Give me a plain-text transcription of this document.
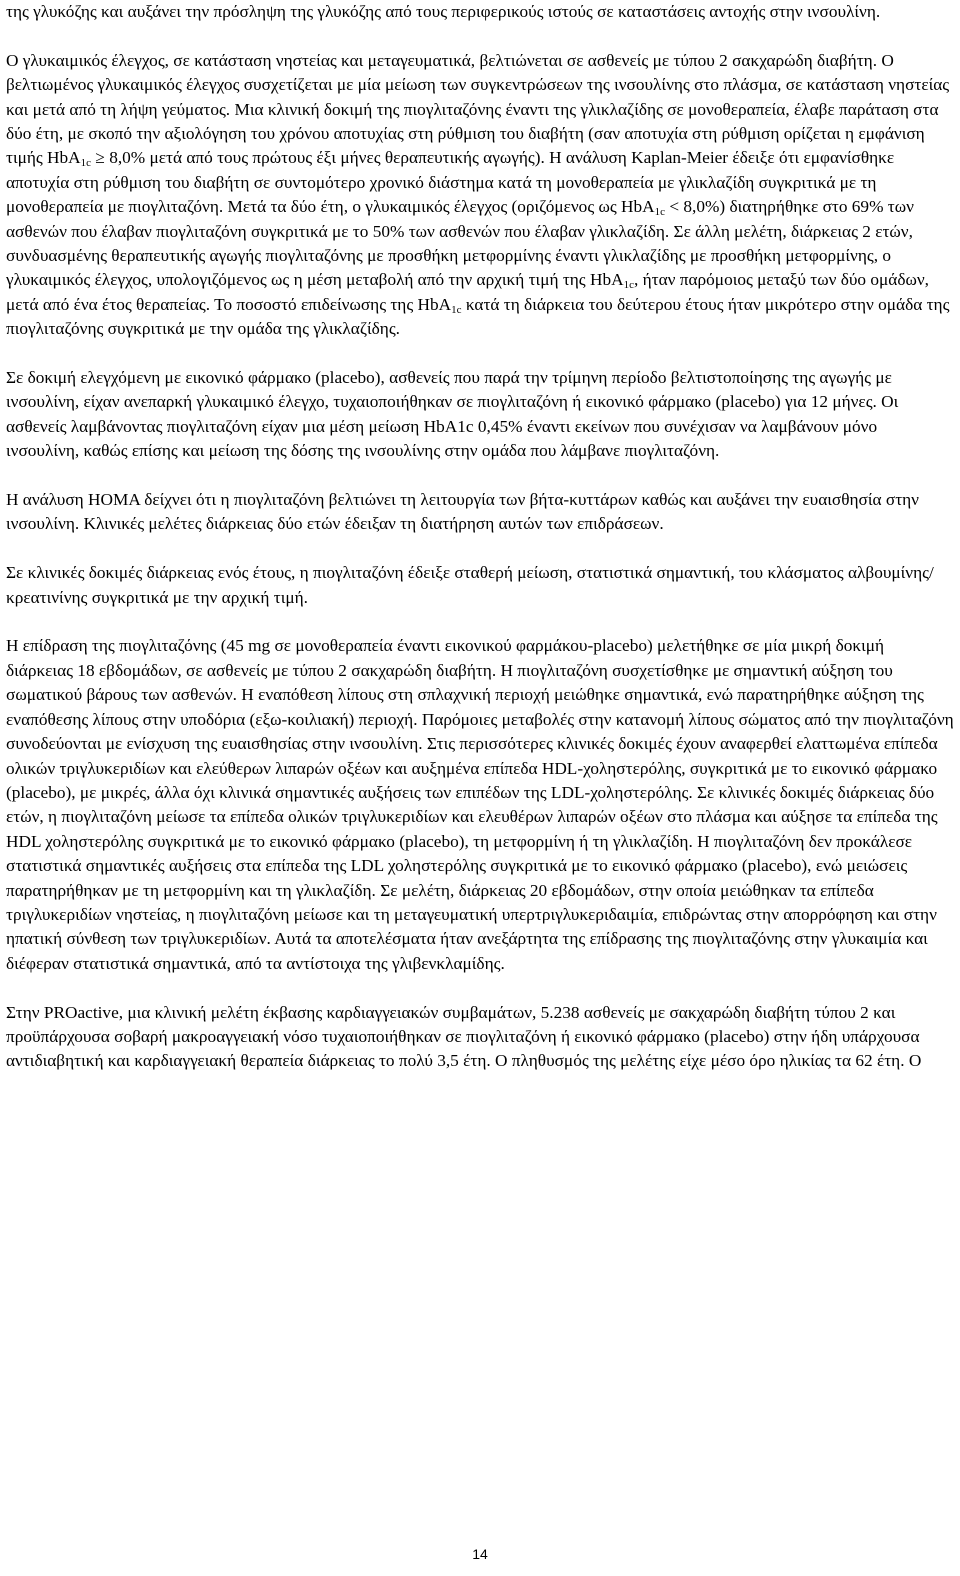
της γλυκόζης και αυξάνει την πρόσληψη της γλυκόζης από τους περιφερικούς ιστούς σε καταστάσεις αντοχής στην ινσουλίνη.

Ο γλυκαιμικός έλεγχος, σε κατάσταση νηστείας και μεταγευματικά, βελτιώνεται σε ασθενείς με τύπου 2 σακχαρώδη διαβήτη. Ο βελτιωμένος γλυκαιμικός έλεγχος συσχετίζεται με μία μείωση των συγκεντρώσεων της ινσουλίνης στο πλάσμα, σε κατάσταση νηστείας και μετά από τη λήψη γεύματος. Μια κλινική δοκιμή της πιογλιταζόνης έναντι της γλικλαζίδης σε μονοθεραπεία, έλαβε παράταση στα δύο έτη, με σκοπό την αξιολόγηση του χρόνου αποτυχίας στη ρύθμιση του διαβήτη (σαν αποτυχία στη ρύθμιση ορίζεται η εμφάνιση τιμής HbA$_{1c}$ ≥ 8,0% μετά από τους πρώτους έξι μήνες θεραπευτικής αγωγής). Η ανάλυση Kaplan-Meier έδειξε ότι εμφανίσθηκε αποτυχία στη ρύθμιση του διαβήτη σε συντομότερο χρονικό διάστημα κατά τη μονοθεραπεία με γλικλαζίδη συγκριτικά με τη μονοθεραπεία με πιογλιταζόνη. Μετά τα δύο έτη, ο γλυκαιμικός έλεγχος (οριζόμενος ως HbA$_{1c}$ < 8,0%) διατηρήθηκε στο 69% των ασθενών που έλαβαν πιογλιταζόνη συγκριτικά με το 50% των ασθενών που έλαβαν γλικλαζίδη. Σε άλλη μελέτη, διάρκειας 2 ετών, συνδυασμένης θεραπευτικής αγωγής πιογλιταζόνης με προσθήκη μετφορμίνης έναντι γλικλαζίδης με προσθήκη μετφορμίνης, ο γλυκαιμικός έλεγχος, υπολογιζόμενος ως η μέση μεταβολή από την αρχική τιμή της HbA$_{1c}$, ήταν παρόμοιος μεταξύ των δύο ομάδων, μετά από ένα έτος θεραπείας. Το ποσοστό επιδείνωσης της HbA$_{1c}$ κατά τη διάρκεια του δεύτερου έτους ήταν μικρότερο στην ομάδα της πιογλιταζόνης συγκριτικά με την ομάδα της γλικλαζίδης.

Σε δοκιμή ελεγχόμενη με εικονικό φάρμακο (placebo), ασθενείς που παρά την τρίμηνη περίοδο βελτιστοποίησης της αγωγής με ινσουλίνη, είχαν ανεπαρκή γλυκαιμικό έλεγχο, τυχαιοποιήθηκαν σε πιογλιταζόνη ή εικονικό φάρμακο (placebo) για 12 μήνες. Οι ασθενείς λαμβάνοντας πιογλιταζόνη είχαν μια μέση μείωση HbA1c 0,45% έναντι εκείνων που συνέχισαν να λαμβάνουν μόνο ινσουλίνη, καθώς επίσης και μείωση της δόσης της ινσουλίνης στην ομάδα που λάμβανε πιογλιταζόνη.

Η ανάλυση HOMA δείχνει ότι η πιογλιταζόνη βελτιώνει τη λειτουργία των βήτα-κυττάρων καθώς και αυξάνει την ευαισθησία στην ινσουλίνη. Κλινικές μελέτες διάρκειας δύο ετών έδειξαν τη διατήρηση αυτών των επιδράσεων.

Σε κλινικές δοκιμές διάρκειας ενός έτους, η πιογλιταζόνη έδειξε σταθερή μείωση, στατιστικά σημαντική, του κλάσματος αλβουμίνης/κρεατινίνης συγκριτικά με την αρχική τιμή.

Η επίδραση της πιογλιταζόνης (45 mg σε μονοθεραπεία έναντι εικονικού φαρμάκου-placebo) μελετήθηκε σε μία μικρή δοκιμή διάρκειας 18 εβδομάδων, σε ασθενείς με τύπου 2 σακχαρώδη διαβήτη. Η πιογλιταζόνη συσχετίσθηκε με σημαντική αύξηση του σωματικού βάρους των ασθενών. Η εναπόθεση λίπους στη σπλαχνική περιοχή μειώθηκε σημαντικά, ενώ παρατηρήθηκε αύξηση της εναπόθεσης λίπους στην υποδόρια (εξω-κοιλιακή) περιοχή. Παρόμοιες μεταβολές στην κατανομή λίπους σώματος από την πιογλιταζόνη συνοδεύονται με ενίσχυση της ευαισθησίας στην ινσουλίνη. Στις περισσότερες κλινικές δοκιμές έχουν αναφερθεί ελαττωμένα επίπεδα ολικών τριγλυκεριδίων και ελεύθερων λιπαρών οξέων και αυξημένα επίπεδα HDL-χοληστερόλης, συγκριτικά με το εικονικό φάρμακο (placebo), με μικρές, άλλα όχι κλινικά σημαντικές αυξήσεις των επιπέδων της LDL-χοληστερόλης. Σε κλινικές δοκιμές διάρκειας δύο ετών, η πιογλιταζόνη μείωσε τα επίπεδα ολικών τριγλυκεριδίων και ελευθέρων λιπαρών οξέων στο πλάσμα και αύξησε τα επίπεδα της HDL χοληστερόλης συγκριτικά με το εικονικό φάρμακο (placebo), τη μετφορμίνη ή τη γλικλαζίδη. Η πιογλιταζόνη δεν προκάλεσε στατιστικά σημαντικές αυξήσεις στα επίπεδα της LDL χοληστερόλης συγκριτικά με το εικονικό φάρμακο (placebo), ενώ μειώσεις παρατηρήθηκαν με τη μετφορμίνη και τη γλικλαζίδη. Σε μελέτη, διάρκειας 20 εβδομάδων, στην οποία μειώθηκαν τα επίπεδα τριγλυκεριδίων νηστείας, η πιογλιταζόνη μείωσε και τη μεταγευματική υπερτριγλυκεριδαιμία, επιδρώντας στην απορρόφηση και στην ηπατική σύνθεση των τριγλυκεριδίων. Αυτά τα αποτελέσματα ήταν ανεξάρτητα της επίδρασης της πιογλιταζόνης στην γλυκαιμία και διέφεραν στατιστικά σημαντικά, από τα αντίστοιχα της γλιβενκλαμίδης.

Στην PROactive, μια κλινική μελέτη έκβασης καρδιαγγειακών συμβαμάτων, 5.238 ασθενείς με σακχαρώδη διαβήτη τύπου 2 και προϋπάρχουσα σοβαρή μακροαγγειακή νόσο τυχαιοποιήθηκαν σε πιογλιταζόνη ή εικονικό φάρμακο (placebo) στην ήδη υπάρχουσα αντιδιαβητική και καρδιαγγειακή θεραπεία διάρκειας το πολύ 3,5 έτη. Ο πληθυσμός της μελέτης είχε μέσο όρο ηλικίας τα 62 έτη. Ο

14
